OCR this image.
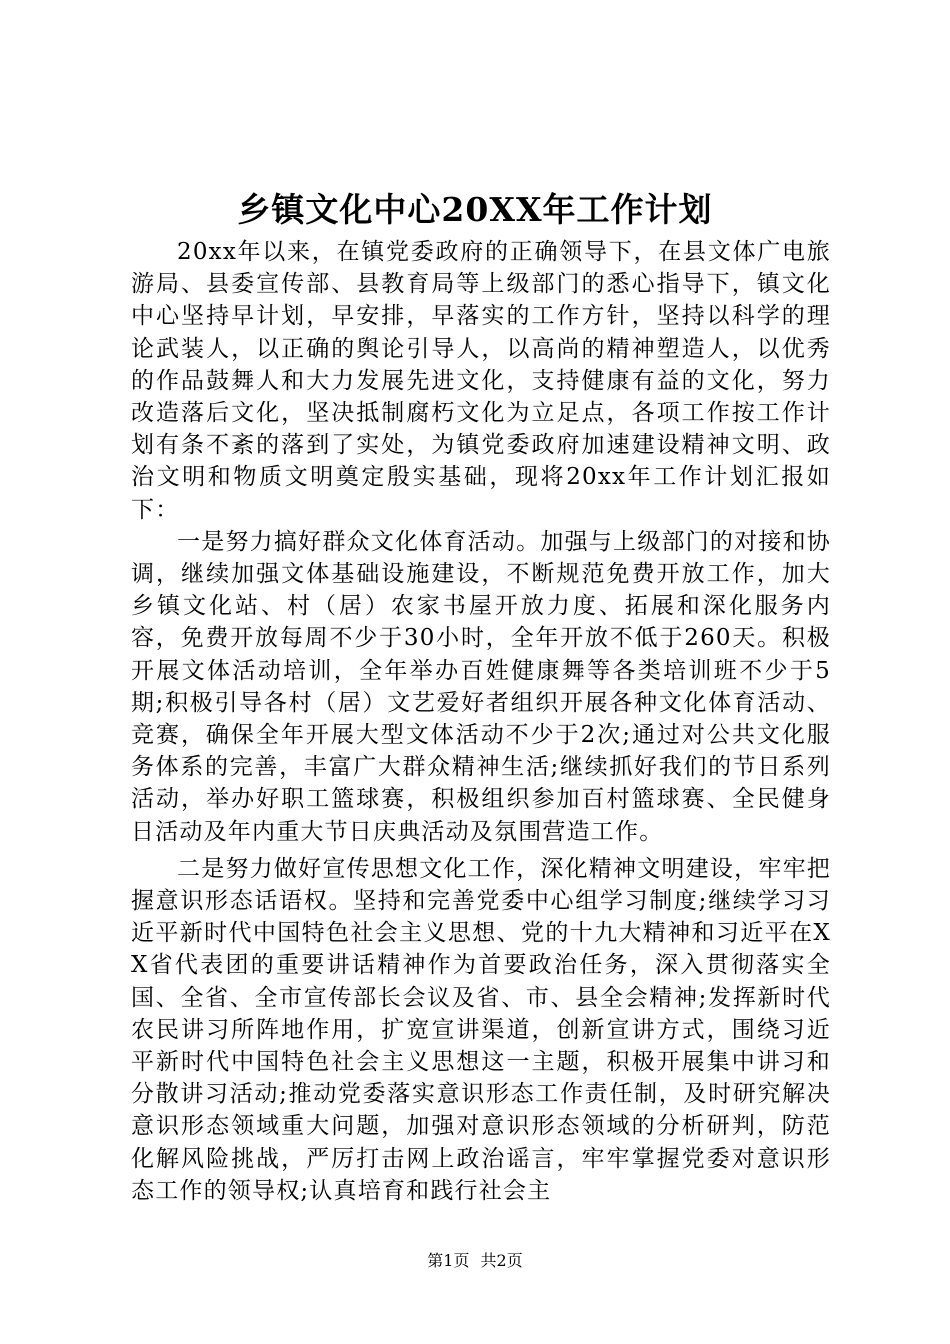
乡镇文化中心20XX年工作计划

20xx年以来，在镇党委政府的正确领导下，在县文体广电旅游局、县委宣传部、县教育局等上级部门的悉心指导下，镇文化中心坚持早计划，早安排，早落实的工作方针，坚持以科学的理论武装人，以正确的舆论引导人，以高尚的精神塑造人，以优秀的作品鼓舞人和大力发展先进文化，支持健康有益的文化，努力改造落后文化，坚决抵制腐朽文化为立足点，各项工作按工作计划有条不紊的落到了实处，为镇党委政府加速建设精神文明、政治文明和物质文明奠定殷实基础，现将20xx年工作计划汇报如下：

一是努力搞好群众文化体育活动。加强与上级部门的对接和协调，继续加强文体基础设施建设，不断规范免费开放工作，加大乡镇文化站、村（居）农家书屋开放力度、拓展和深化服务内容，免费开放每周不少于30小时，全年开放不低于260天。积极开展文体活动培训，全年举办百姓健康舞等各类培训班不少于5期;积极引导各村（居）文艺爱好者组织开展各种文化体育活动、竞赛，确保全年开展大型文体活动不少于2次;通过对公共文化服务体系的完善，丰富广大群众精神生活;继续抓好我们的节日系列活动，举办好职工篮球赛，积极组织参加百村篮球赛、全民健身日活动及年内重大节日庆典活动及氛围营造工作。

二是努力做好宣传思想文化工作，深化精神文明建设，牢牢把握意识形态话语权。坚持和完善党委中心组学习制度;继续学习习近平新时代中国特色社会主义思想、党的十九大精神和习近平在XX省代表团的重要讲话精神作为首要政治任务，深入贯彻落实全国、全省、全市宣传部长会议及省、市、县全会精神;发挥新时代农民讲习所阵地作用，扩宽宣讲渠道，创新宣讲方式，围绕习近平新时代中国特色社会主义思想这一主题，积极开展集中讲习和分散讲习活动;推动党委落实意识形态工作责任制，及时研究解决意识形态领域重大问题，加强对意识形态领域的分析研判，防范化解风险挑战，严厉打击网上政治谣言，牢牢掌握党委对意识形态工作的领导权;认真培育和践行社会主

第1页 共2页
